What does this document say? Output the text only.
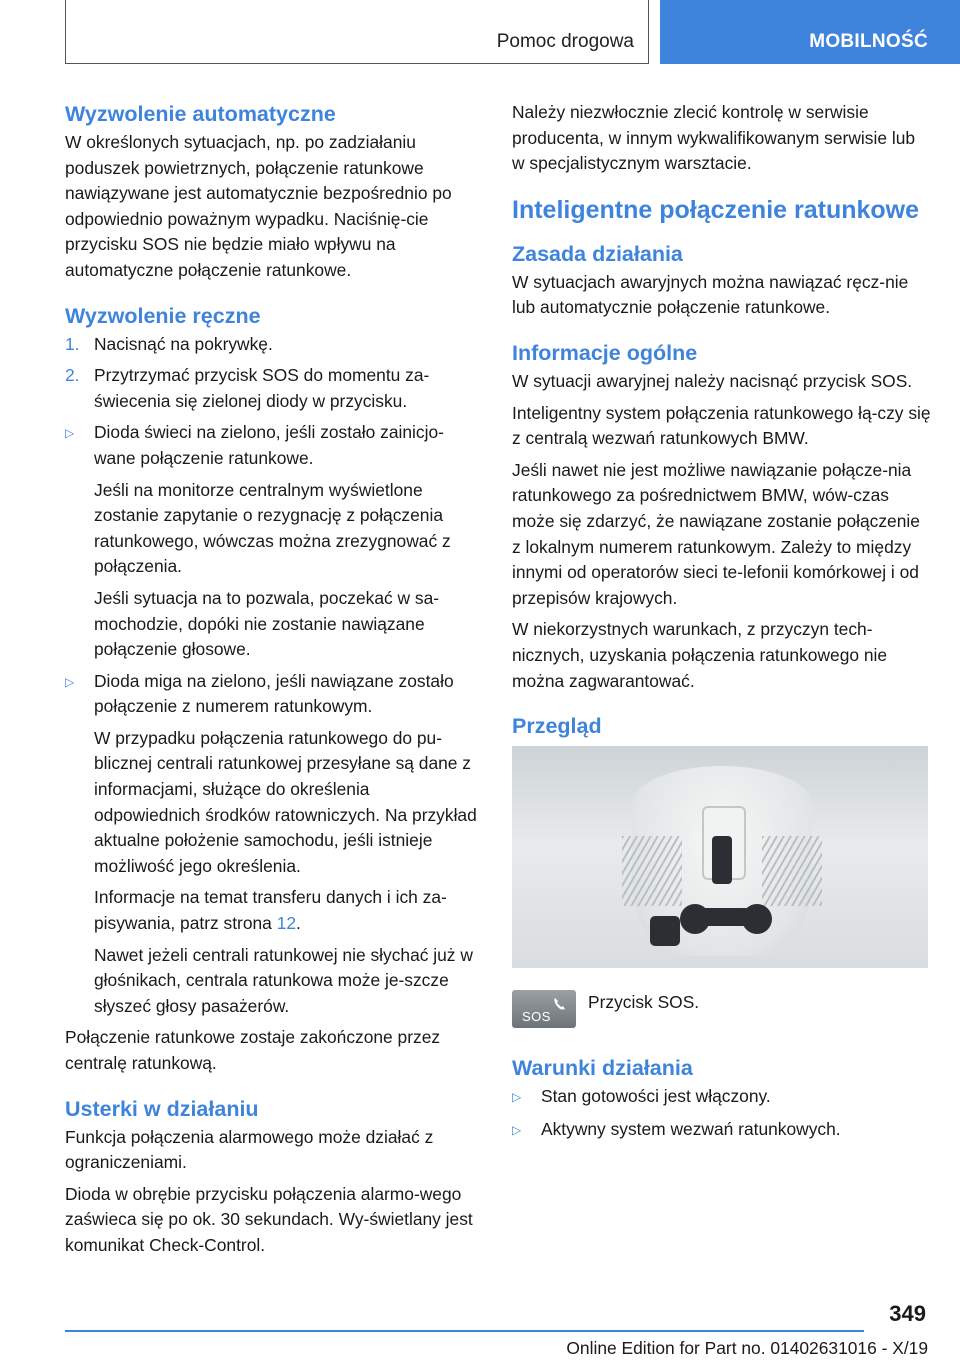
Pomoc drogowa	MOBILNOŚĆ
Wyzwolenie automatyczne

W określonych sytuacjach, np. po zadziałaniu poduszek powietrznych, połączenie ratunkowe nawiązywane jest automatycznie bezpośrednio po odpowiednio poważnym wypadku. Naciśnię‐cie przycisku SOS nie będzie miało wpływu na automatyczne połączenie ratunkowe.

Wyzwolenie ręczne
1. Nacisnąć na pokrywkę.
2. Przytrzymać przycisk SOS do momentu za‐świecenia się zielonej diody w przycisku.
▷	Dioda świeci na zielono, jeśli zostało zainicjo‐wane połączenie ratunkowe.

Jeśli na monitorze centralnym wyświetlone zostanie zapytanie o rezygnację z połączenia ratunkowego, wówczas można zrezygnować z połączenia.

Jeśli sytuacja na to pozwala, poczekać w sa‐mochodzie, dopóki nie zostanie nawiązane połączenie głosowe.

▷	Dioda miga na zielono, jeśli nawiązane zostało połączenie z numerem ratunkowym.

W przypadku połączenia ratunkowego do pu‐blicznej centrali ratunkowej przesyłane są dane z informacjami, służące do określenia odpowiednich środków ratowniczych. Na przykład aktualne położenie samochodu, jeśli istnieje możliwość jego określenia.

Informacje na temat transferu danych i ich za‐pisywania, patrz strona 12.

Nawet jeżeli centrali ratunkowej nie słychać już w głośnikach, centrala ratunkowa może je‐szcze słyszeć głosy pasażerów.

Połączenie ratunkowe zostaje zakończone przez centralę ratunkową.

Usterki w działaniu

Funkcja połączenia alarmowego może działać z ograniczeniami.

Dioda w obrębie przycisku połączenia alarmo‐wego zaświeca się po ok. 30 sekundach. Wy‐świetlany jest komunikat Check-Control.

Należy niezwłocznie zlecić kontrolę w serwisie producenta, w innym wykwalifikowanym serwisie lub w specjalistycznym warsztacie.

Inteligentne połączenie ratunkowe
Zasada działania

W sytuacjach awaryjnych można nawiązać ręcz‐nie lub automatycznie połączenie ratunkowe.

Informacje ogólne

W sytuacji awaryjnej należy nacisnąć przycisk SOS.

Inteligentny system połączenia ratunkowego łą‐czy się z centralą wezwań ratunkowych BMW.

Jeśli nawet nie jest możliwe nawiązanie połącze‐nia ratunkowego za pośrednictwem BMW, wów‐czas może się zdarzyć, że nawiązane zostanie połączenie z lokalnym numerem ratunkowym. Zależy to między innymi od operatorów sieci te‐lefonii komórkowej i od przepisów krajowych.

W niekorzystnych warunkach, z przyczyn tech‐nicznych, uzyskania połączenia ratunkowego nie można zagwarantować.

Przegląd
SOS
Przycisk SOS.
Warunki działania
▷	Stan gotowości jest włączony.
▷	Aktywny system wezwań ratunkowych.
349
Online Edition for Part no. 01402631016 - X/19
